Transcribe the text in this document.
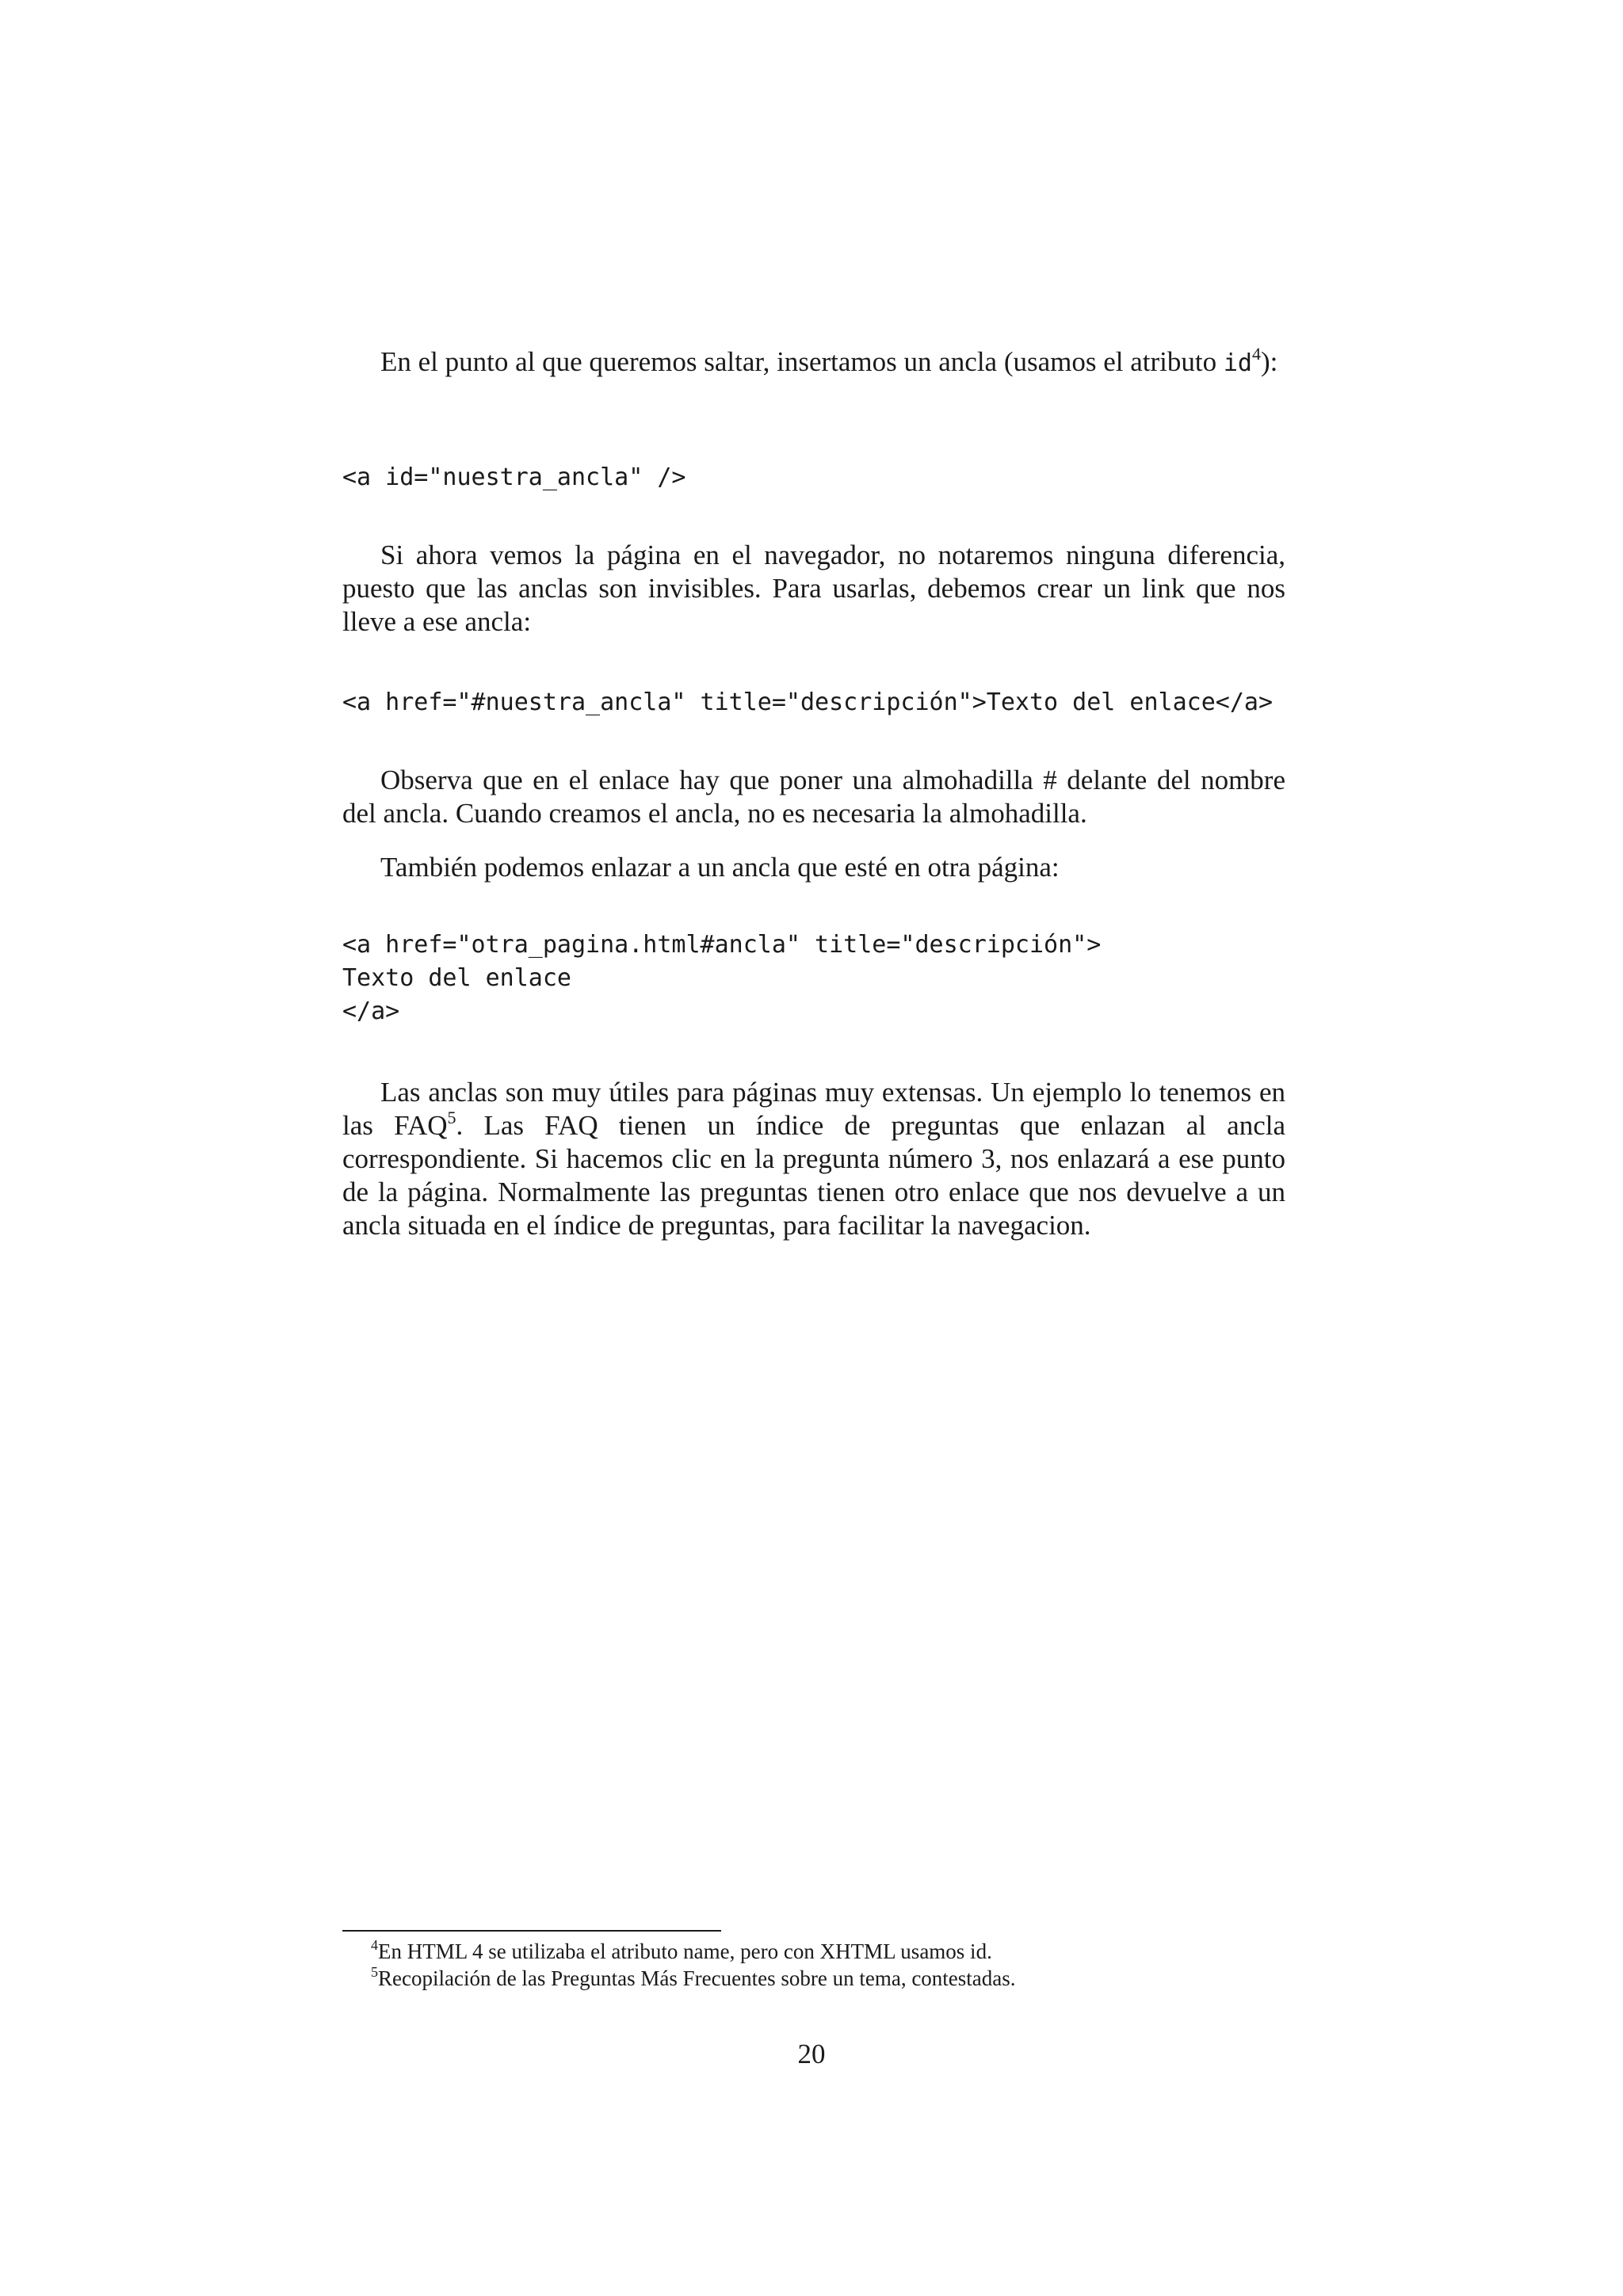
En el punto al que queremos saltar, insertamos un ancla (usamos el atributo $id^4$):

<a id="nuestra_ancla" />

Si ahora vemos la página en el navegador, no notaremos ninguna diferencia, puesto que las anclas son invisibles. Para usarlas, debemos crear un link que nos lleve a ese ancla:

<a href="#nuestra_ancla" title="descripción">Texto del enlace</a>

Observa que en el enlace hay que poner una almohadilla # delante del nombre del ancla. Cuando creamos el ancla, no es necesaria la almohadilla.

También podemos enlazar a un ancla que esté en otra página:

<a href="otra_pagina.html#ancla" title="descripción">
Texto del enlace
</a>

Las anclas son muy útiles para páginas muy extensas. Un ejemplo lo tenemos en las FAQ$^5$. Las FAQ tienen un índice de preguntas que enlazan al ancla correspondiente. Si hacemos clic en la pregunta número 3, nos enlazará a ese punto de la página. Normalmente las preguntas tienen otro enlace que nos devuelve a un ancla situada en el índice de preguntas, para facilitar la navegacion.

$^4$En HTML 4 se utilizaba el atributo name, pero con XHTML usamos id.

$^5$Recopilación de las Preguntas Más Frecuentes sobre un tema, contestadas.

20
